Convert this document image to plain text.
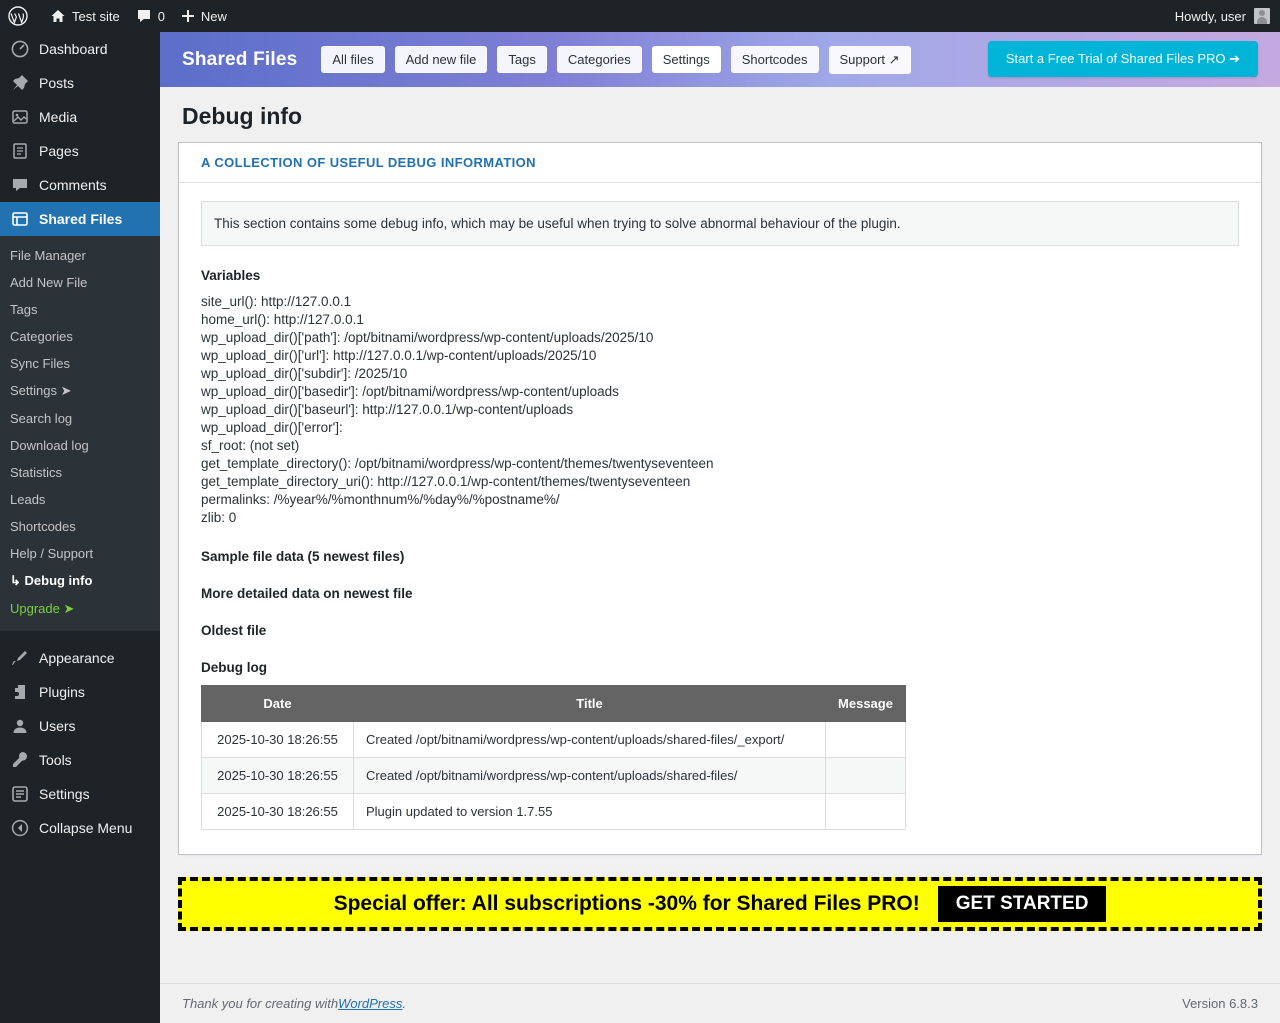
Test site	0	New	Howdy, user
Dashboard
Posts
Media
Pages
Comments
Shared Files
File Manager
Add New File
Tags
Categories
Sync Files
Settings ➤
Search log
Download log
Statistics
Leads
Shortcodes
Help / Support
↳ Debug info
Upgrade ➤
Appearance
Plugins
Users
Tools
Settings
Collapse Menu
Shared Files	All files	Add new file	Tags	Categories	Settings	Shortcodes	Support ↗	Start a Free Trial of Shared Files PRO ➔
Debug info
A COLLECTION OF USEFUL DEBUG INFORMATION
This section contains some debug info, which may be useful when trying to solve abnormal behaviour of the plugin.
Variables
site_url(): http://127.0.0.1
home_url(): http://127.0.0.1
wp_upload_dir()['path']: /opt/bitnami/wordpress/wp-content/uploads/2025/10
wp_upload_dir()['url']: http://127.0.0.1/wp-content/uploads/2025/10
wp_upload_dir()['subdir']: /2025/10
wp_upload_dir()['basedir']: /opt/bitnami/wordpress/wp-content/uploads
wp_upload_dir()['baseurl']: http://127.0.0.1/wp-content/uploads
wp_upload_dir()['error']:
sf_root: (not set)
get_template_directory(): /opt/bitnami/wordpress/wp-content/themes/twentyseventeen
get_template_directory_uri(): http://127.0.0.1/wp-content/themes/twentyseventeen
permalinks: /%year%/%monthnum%/%day%/%postname%/
zlib: 0
Sample file data (5 newest files)
More detailed data on newest file
Oldest file
Debug log
Date	Title	Message
2025-10-30 18:26:55	Created /opt/bitnami/wordpress/wp-content/uploads/shared-files/_export/	
2025-10-30 18:26:55	Created /opt/bitnami/wordpress/wp-content/uploads/shared-files/	
2025-10-30 18:26:55	Plugin updated to version 1.7.55	
Special offer: All subscriptions -30% for Shared Files PRO!	GET STARTED
Thank you for creating with WordPress .	Version 6.8.3
